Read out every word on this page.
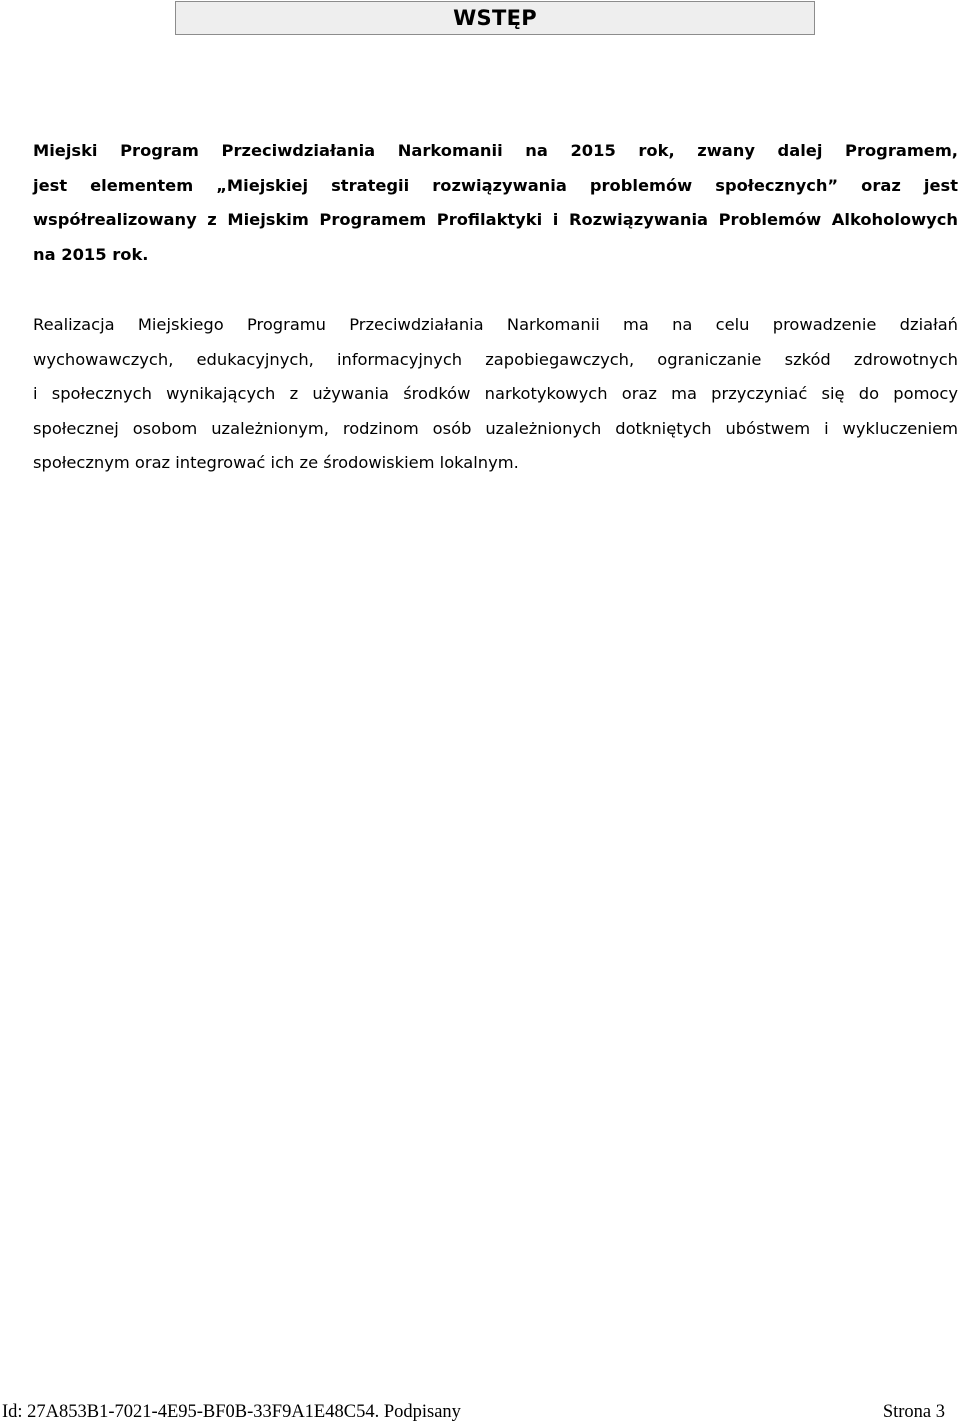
WSTĘP
Miejski Program Przeciwdziałania Narkomanii na 2015 rok, zwany dalej Programem,
jest elementem „Miejskiej strategii rozwiązywania problemów społecznych” oraz jest
współrealizowany z Miejskim Programem Profilaktyki i Rozwiązywania Problemów Alkoholowych
na 2015 rok.
Realizacja Miejskiego Programu Przeciwdziałania Narkomanii ma na celu prowadzenie działań
wychowawczych, edukacyjnych, informacyjnych zapobiegawczych, ograniczanie szkód zdrowotnych
i społecznych wynikających z używania środków narkotykowych oraz ma przyczyniać się do pomocy
społecznej osobom uzależnionym, rodzinom osób uzależnionych dotkniętych ubóstwem i wykluczeniem
społecznym oraz integrować ich ze środowiskiem lokalnym.
Id: 27A853B1-7021-4E95-BF0B-33F9A1E48C54. Podpisany	Strona 3
